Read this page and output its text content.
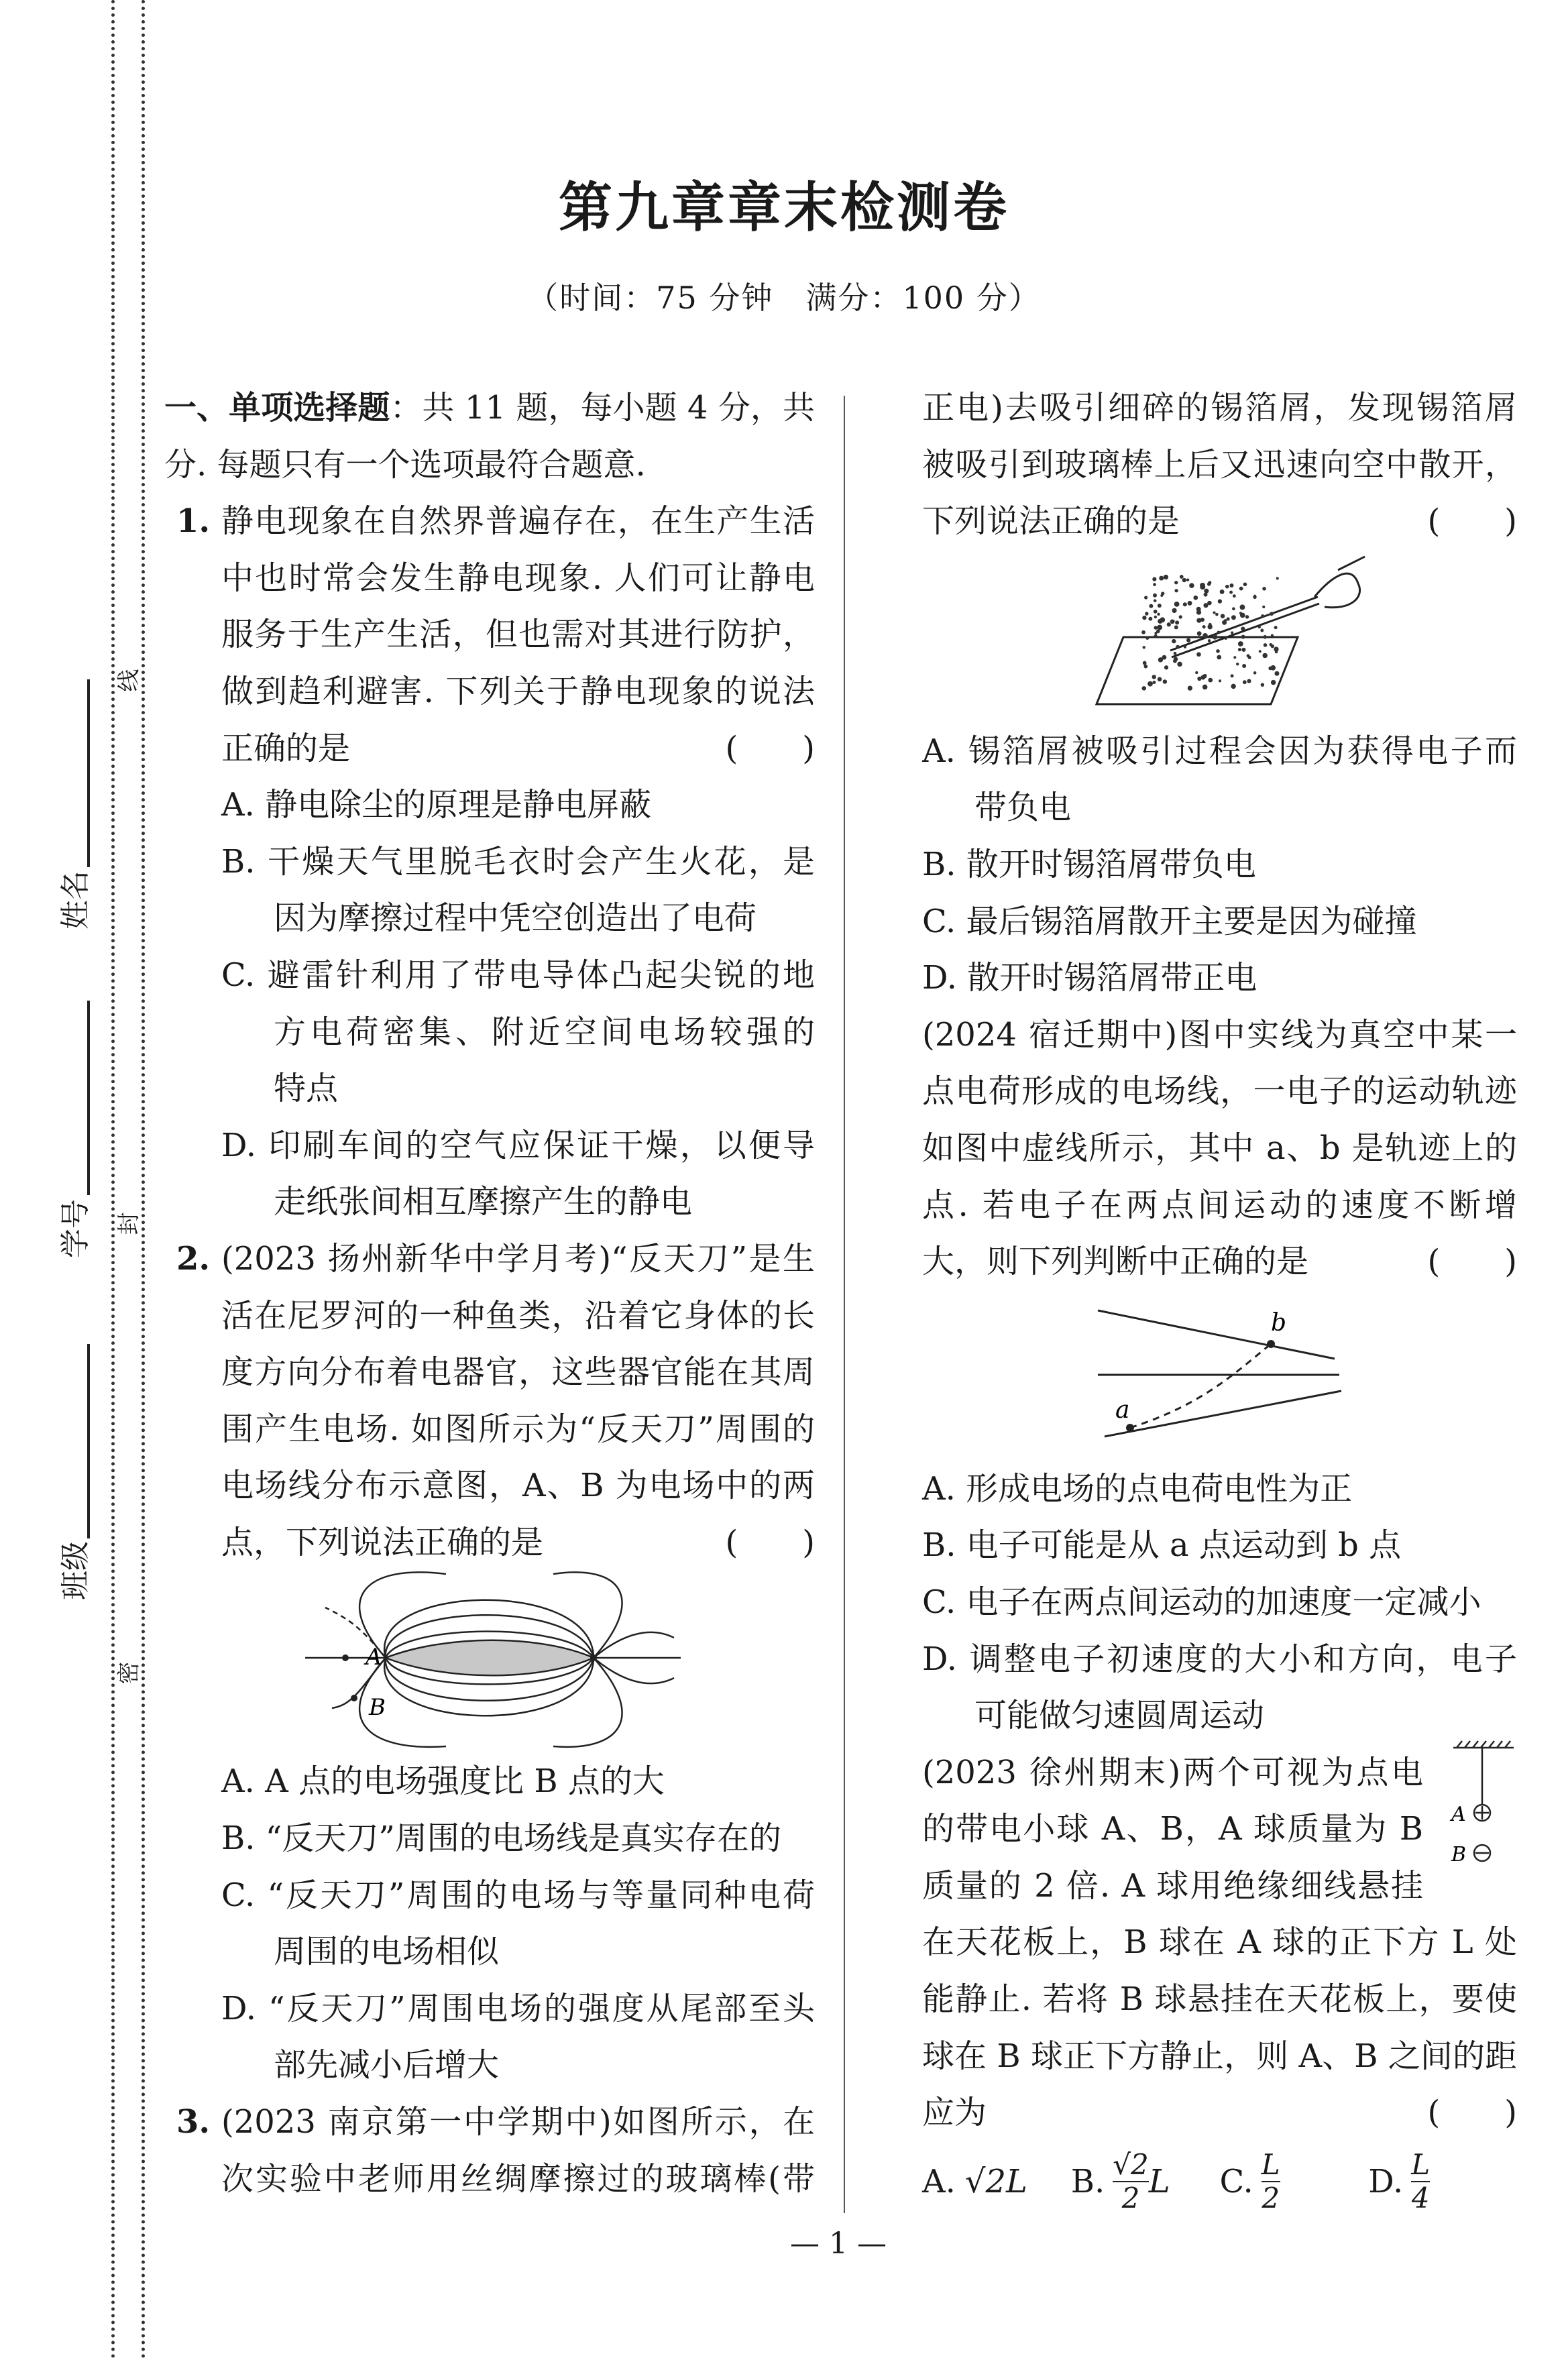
线
封
密
姓名
学号
班级
第九章章末检测卷
（时间：75 分钟　满分：100 分）
一、单项选择题：共 11 题，每小题 4 分，共
分. 每题只有一个选项最符合题意.
1. 静电现象在自然界普遍存在，在生产生活
中也时常会发生静电现象. 人们可让静电
服务于生产生活，但也需对其进行防护，
做到趋利避害. 下列关于静电现象的说法
正确的是	(　　)
A. 静电除尘的原理是静电屏蔽
B. 干燥天气里脱毛衣时会产生火花，是
因为摩擦过程中凭空创造出了电荷
C. 避雷针利用了带电导体凸起尖锐的地
方电荷密集、附近空间电场较强的
特点
D. 印刷车间的空气应保证干燥，以便导
走纸张间相互摩擦产生的静电
2. (2023 扬州新华中学月考)“反天刀”是生
活在尼罗河的一种鱼类，沿着它身体的长
度方向分布着电器官，这些器官能在其周
围产生电场. 如图所示为“反天刀”周围的
电场线分布示意图，A、B 为电场中的两
点，下列说法正确的是	(　　)
A
B
A. A 点的电场强度比 B 点的大
B. “反天刀”周围的电场线是真实存在的
C. “反天刀”周围的电场与等量同种电荷
周围的电场相似
D. “反天刀”周围电场的强度从尾部至头
部先减小后增大
3. (2023 南京第一中学期中)如图所示，在
次实验中老师用丝绸摩擦过的玻璃棒(带
正电)去吸引细碎的锡箔屑，发现锡箔屑
被吸引到玻璃棒上后又迅速向空中散开，
下列说法正确的是	(　　)
A. 锡箔屑被吸引过程会因为获得电子而
带负电
B. 散开时锡箔屑带负电
C. 最后锡箔屑散开主要是因为碰撞
D. 散开时锡箔屑带正电
(2024 宿迁期中)图中实线为真空中某一
点电荷形成的电场线，一电子的运动轨迹
如图中虚线所示，其中 a、b 是轨迹上的
点. 若电子在两点间运动的速度不断增
大，则下列判断中正确的是	(　　)
b
a
A. 形成电场的点电荷电性为正
B. 电子可能是从 a 点运动到 b 点
C. 电子在两点间运动的加速度一定减小
D. 调整电子初速度的大小和方向，电子
可能做匀速圆周运动
A
B
(2023 徐州期末)两个可视为点电
的带电小球 A、B，A 球质量为 B
质量的 2 倍. A 球用绝缘细线悬挂
在天花板上，B 球在 A 球的正下方 L 处
能静止. 若将 B 球悬挂在天花板上，要使
球在 B 球正下方静止，则 A、B 之间的距
应为	(　　)
A. √2L B. $\frac{√2}{2}$ L C. $\frac{L}{2}$	D. $\frac{L}{4}$
— 1 —
